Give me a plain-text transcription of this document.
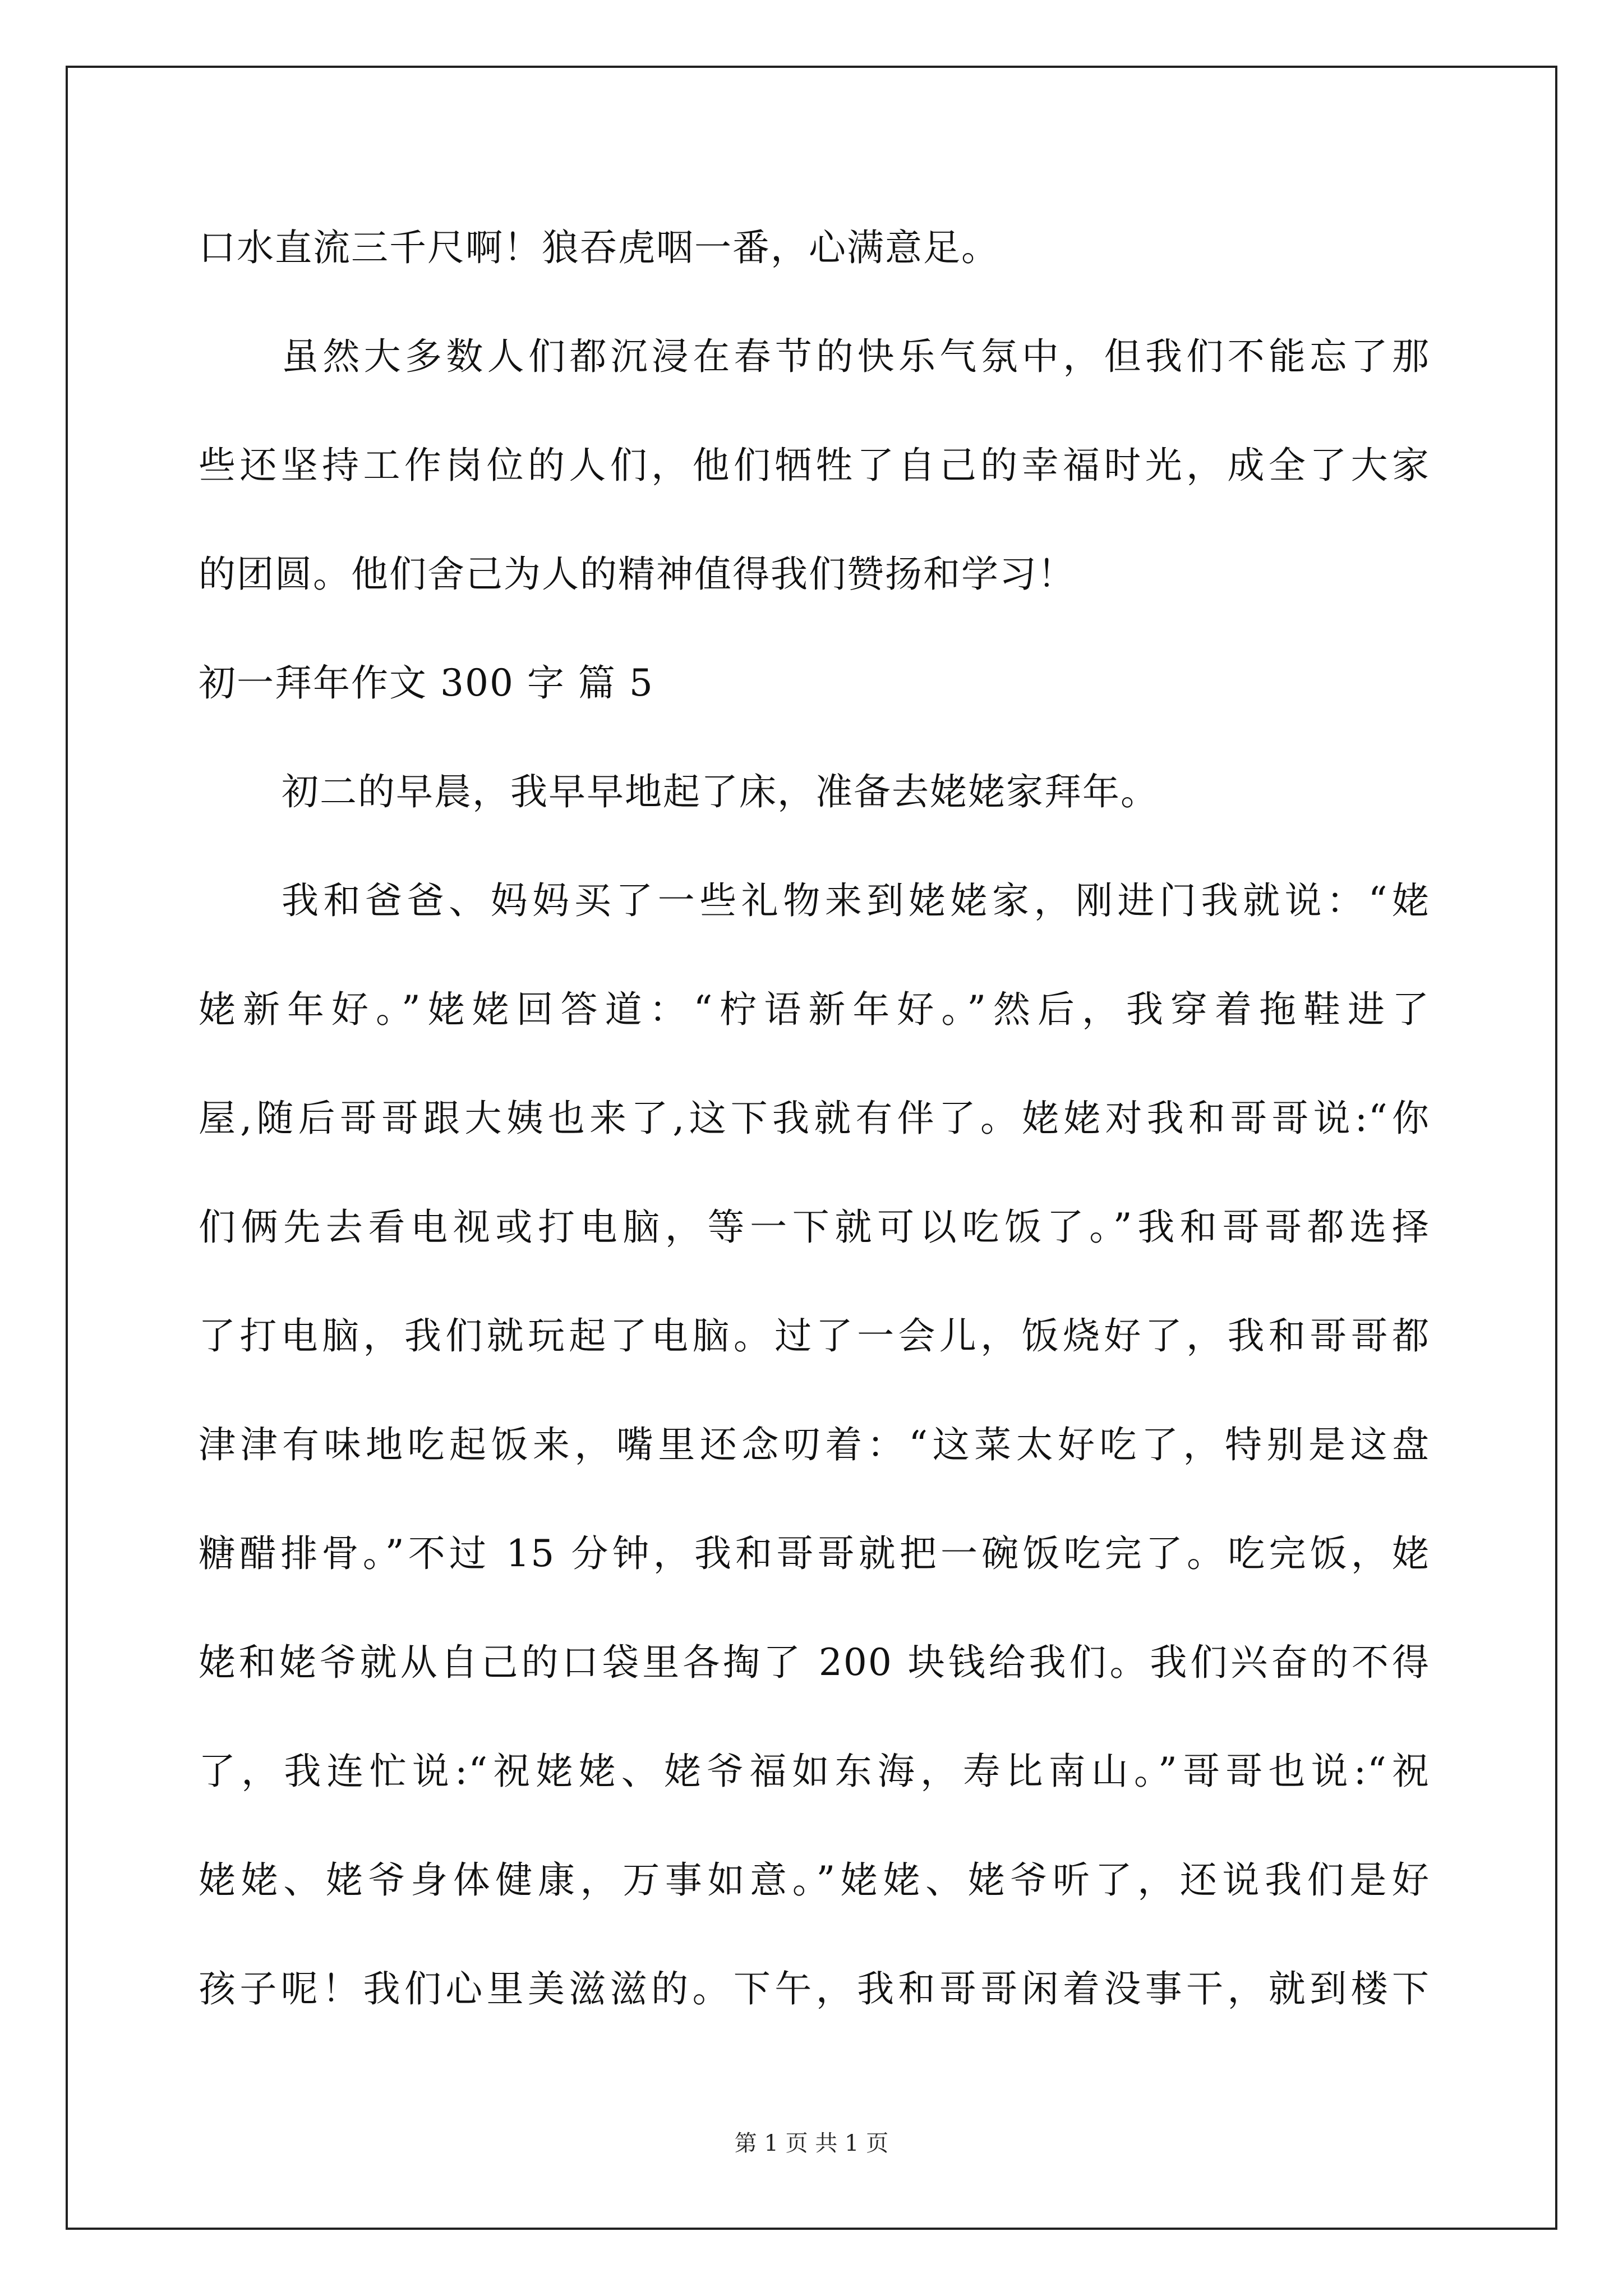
口水直流三千尺啊！狼吞虎咽一番，心满意足。
虽然大多数人们都沉浸在春节的快乐气氛中，但我们不能忘了那
些还坚持工作岗位的人们，他们牺牲了自己的幸福时光，成全了大家
的团圆。他们舍己为人的精神值得我们赞扬和学习！
初一拜年作文 300 字 篇 5
初二的早晨，我早早地起了床，准备去姥姥家拜年。
我和爸爸、妈妈买了一些礼物来到姥姥家，刚进门我就说：“姥
姥新年好。”姥姥回答道：“柠语新年好。”然后，我穿着拖鞋进了
屋,随后哥哥跟大姨也来了,这下我就有伴了。姥姥对我和哥哥说:“你
们俩先去看电视或打电脑，等一下就可以吃饭了。”我和哥哥都选择
了打电脑，我们就玩起了电脑。过了一会儿，饭烧好了，我和哥哥都
津津有味地吃起饭来，嘴里还念叨着：“这菜太好吃了，特别是这盘
糖醋排骨。”不过 15 分钟，我和哥哥就把一碗饭吃完了。吃完饭，姥
姥和姥爷就从自己的口袋里各掏了 200 块钱给我们。我们兴奋的不得
了，我连忙说:“祝姥姥、姥爷福如东海，寿比南山。”哥哥也说:“祝
姥姥、姥爷身体健康，万事如意。”姥姥、姥爷听了，还说我们是好
孩子呢！我们心里美滋滋的。下午，我和哥哥闲着没事干，就到楼下
第 1 页 共 1 页
